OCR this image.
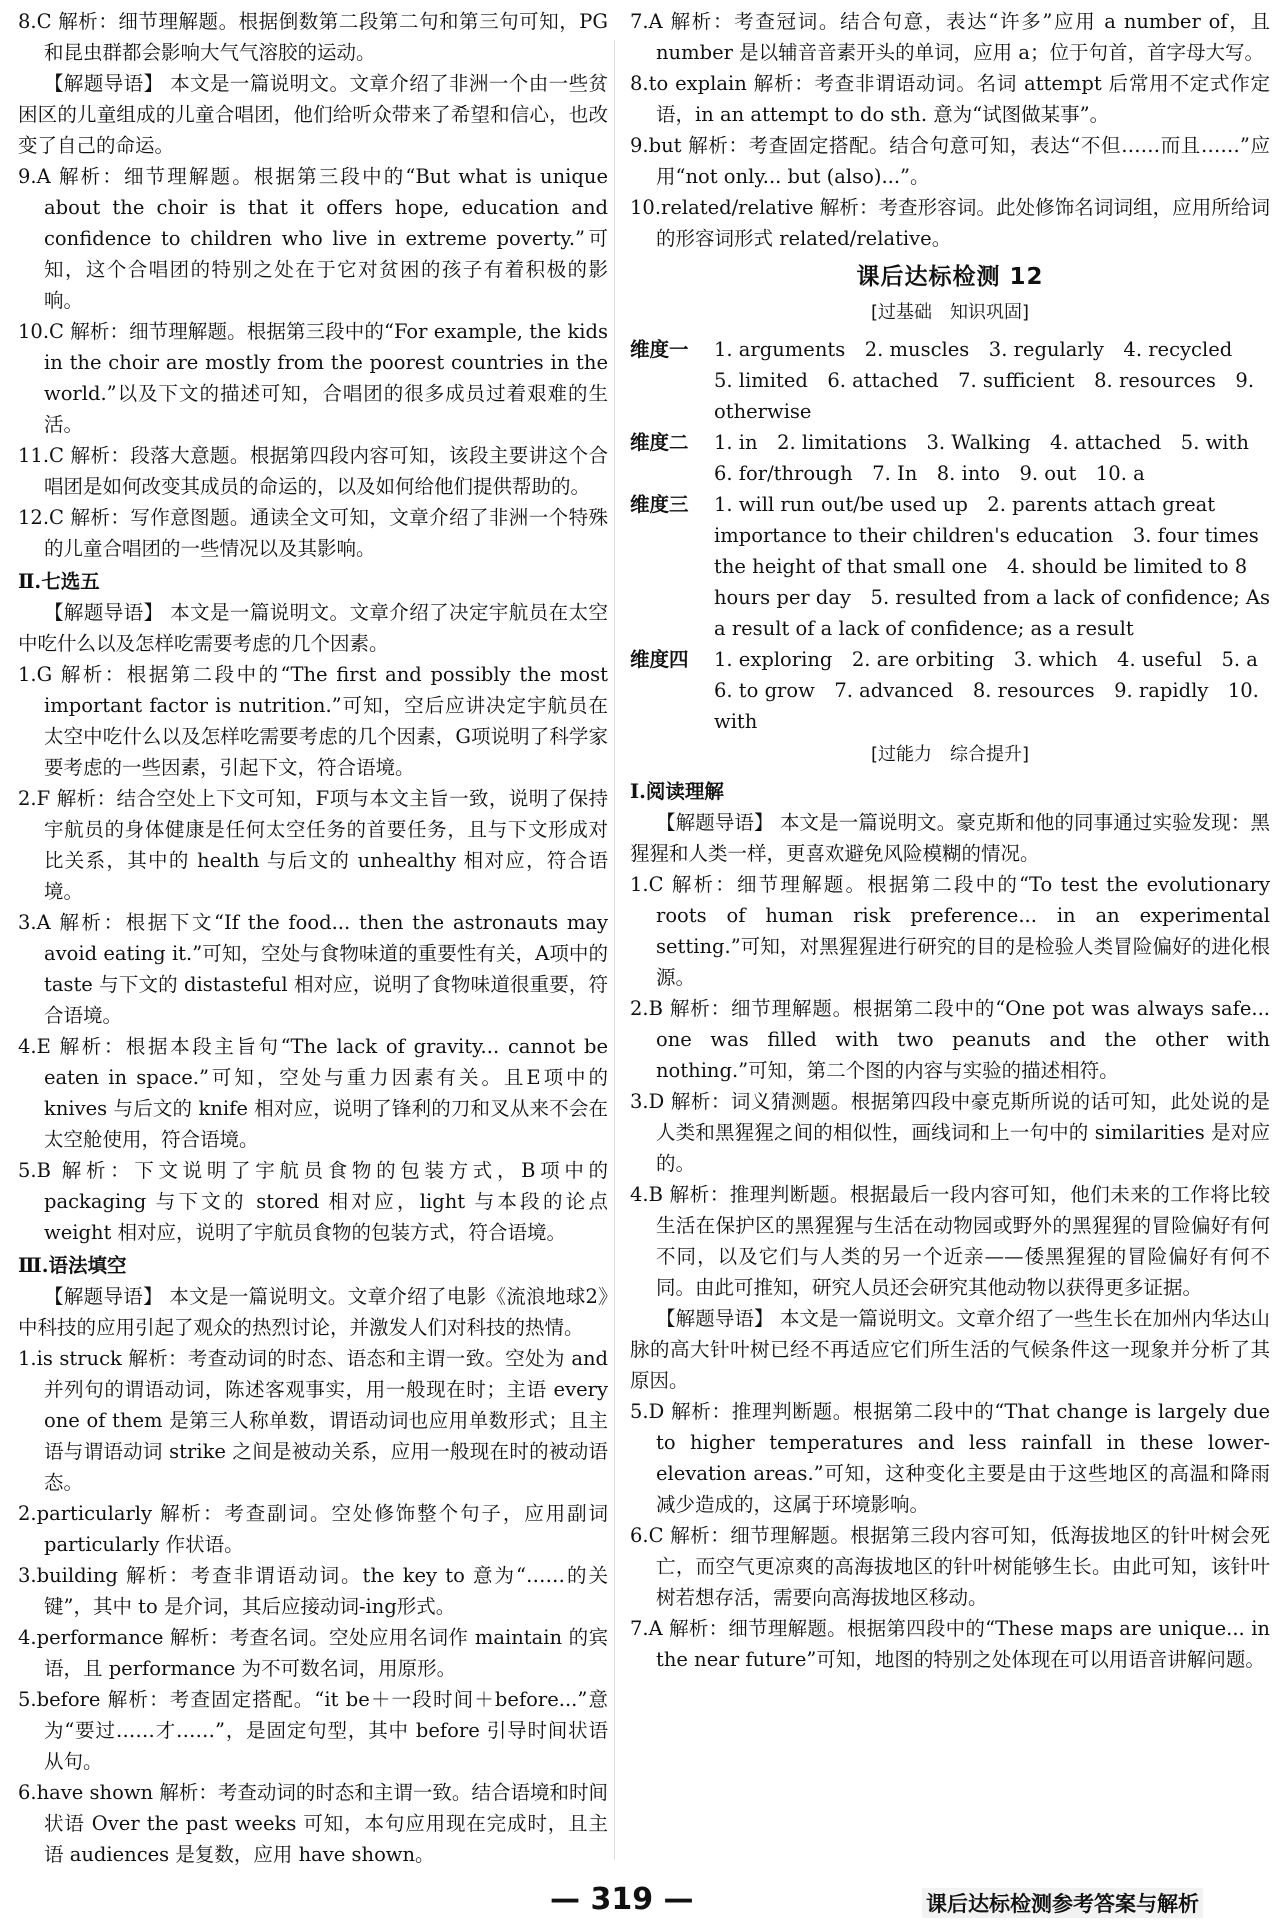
8.C 解析：细节理解题。根据倒数第二段第二句和第三句可知，PG和昆虫群都会影响大气气溶胶的运动。

【解题导语】 本文是一篇说明文。文章介绍了非洲一个由一些贫困区的儿童组成的儿童合唱团，他们给听众带来了希望和信心，也改变了自己的命运。

9.A 解析：细节理解题。根据第三段中的“But what is unique about the choir is that it offers hope, education and confidence to children who live in extreme poverty.”可知，这个合唱团的特别之处在于它对贫困的孩子有着积极的影响。

10.C 解析：细节理解题。根据第三段中的“For example, the kids in the choir are mostly from the poorest countries in the world.”以及下文的描述可知，合唱团的很多成员过着艰难的生活。

11.C 解析：段落大意题。根据第四段内容可知，该段主要讲这个合唱团是如何改变其成员的命运的，以及如何给他们提供帮助的。

12.C 解析：写作意图题。通读全文可知，文章介绍了非洲一个特殊的儿童合唱团的一些情况以及其影响。

Ⅱ.七选五

【解题导语】 本文是一篇说明文。文章介绍了决定宇航员在太空中吃什么以及怎样吃需要考虑的几个因素。

1.G 解析：根据第二段中的“The first and possibly the most important factor is nutrition.”可知，空后应讲决定宇航员在太空中吃什么以及怎样吃需要考虑的几个因素，G项说明了科学家要考虑的一些因素，引起下文，符合语境。

2.F 解析：结合空处上下文可知，F项与本文主旨一致，说明了保持宇航员的身体健康是任何太空任务的首要任务，且与下文形成对比关系，其中的 health 与后文的 unhealthy 相对应，符合语境。

3.A 解析：根据下文“If the food... then the astronauts may avoid eating it.”可知，空处与食物味道的重要性有关，A项中的 taste 与下文的 distasteful 相对应，说明了食物味道很重要，符合语境。

4.E 解析：根据本段主旨句“The lack of gravity... cannot be eaten in space.”可知，空处与重力因素有关。且E项中的 knives 与后文的 knife 相对应，说明了锋利的刀和叉从来不会在太空舱使用，符合语境。

5.B 解析：下文说明了宇航员食物的包装方式，B项中的 packaging 与下文的 stored 相对应，light 与本段的论点 weight 相对应，说明了宇航员食物的包装方式，符合语境。

Ⅲ.语法填空

【解题导语】 本文是一篇说明文。文章介绍了电影《流浪地球2》中科技的应用引起了观众的热烈讨论，并激发人们对科技的热情。

1.is struck 解析：考查动词的时态、语态和主谓一致。空处为 and 并列句的谓语动词，陈述客观事实，用一般现在时；主语 every one of them 是第三人称单数，谓语动词也应用单数形式；且主语与谓语动词 strike 之间是被动关系，应用一般现在时的被动语态。

2.particularly 解析：考查副词。空处修饰整个句子，应用副词 particularly 作状语。

3.building 解析：考查非谓语动词。the key to 意为“……的关键”，其中 to 是介词，其后应接动词-ing形式。

4.performance 解析：考查名词。空处应用名词作 maintain 的宾语，且 performance 为不可数名词，用原形。

5.before 解析：考查固定搭配。“it be＋一段时间＋before...”意为“要过……才……”，是固定句型，其中 before 引导时间状语从句。

6.have shown 解析：考查动词的时态和主谓一致。结合语境和时间状语 Over the past weeks 可知，本句应用现在完成时，且主语 audiences 是复数，应用 have shown。

7.A 解析：考查冠词。结合句意，表达“许多”应用 a number of，且 number 是以辅音音素开头的单词，应用 a；位于句首，首字母大写。

8.to explain 解析：考查非谓语动词。名词 attempt 后常用不定式作定语，in an attempt to do sth. 意为“试图做某事”。

9.but 解析：考查固定搭配。结合句意可知，表达“不但……而且……”应用“not only... but (also)...”。

10.related/relative 解析：考查形容词。此处修饰名词词组，应用所给词的形容词形式 related/relative。

课后达标检测 12

[过基础　知识巩固]

维度一	1. arguments　2. muscles　3. regularly　4. recycled　5. limited　6. attached　7. sufficient　8. resources　9. otherwise
维度二	1. in　2. limitations　3. Walking　4. attached　5. with　6. for/through　7. In　8. into　9. out　10. a
维度三	1. will run out/be used up　2. parents attach great importance to their children's education　3. four times the height of that small one　4. should be limited to 8 hours per day　5. resulted from a lack of confidence; As a result of a lack of confidence; as a result
维度四	1. exploring　2. are orbiting　3. which　4. useful　5. a　6. to grow　7. advanced　8. resources　9. rapidly　10. with

[过能力　综合提升]

Ⅰ.阅读理解

【解题导语】 本文是一篇说明文。豪克斯和他的同事通过实验发现：黑猩猩和人类一样，更喜欢避免风险模糊的情况。

1.C 解析：细节理解题。根据第二段中的“To test the evolutionary roots of human risk preference... in an experimental setting.”可知，对黑猩猩进行研究的目的是检验人类冒险偏好的进化根源。

2.B 解析：细节理解题。根据第二段中的“One pot was always safe... one was filled with two peanuts and the other with nothing.”可知，第二个图的内容与实验的描述相符。

3.D 解析：词义猜测题。根据第四段中豪克斯所说的话可知，此处说的是人类和黑猩猩之间的相似性，画线词和上一句中的 similarities 是对应的。

4.B 解析：推理判断题。根据最后一段内容可知，他们未来的工作将比较生活在保护区的黑猩猩与生活在动物园或野外的黑猩猩的冒险偏好有何不同，以及它们与人类的另一个近亲——倭黑猩猩的冒险偏好有何不同。由此可推知，研究人员还会研究其他动物以获得更多证据。

【解题导语】 本文是一篇说明文。文章介绍了一些生长在加州内华达山脉的高大针叶树已经不再适应它们所生活的气候条件这一现象并分析了其原因。

5.D 解析：推理判断题。根据第二段中的“That change is largely due to higher temperatures and less rainfall in these lower-elevation areas.”可知，这种变化主要是由于这些地区的高温和降雨减少造成的，这属于环境影响。

6.C 解析：细节理解题。根据第三段内容可知，低海拔地区的针叶树会死亡，而空气更凉爽的高海拔地区的针叶树能够生长。由此可知，该针叶树若想存活，需要向高海拔地区移动。

7.A 解析：细节理解题。根据第四段中的“These maps are unique... in the near future”可知，地图的特别之处体现在可以用语音讲解问题。

— 319 —	课后达标检测参考答案与解析
